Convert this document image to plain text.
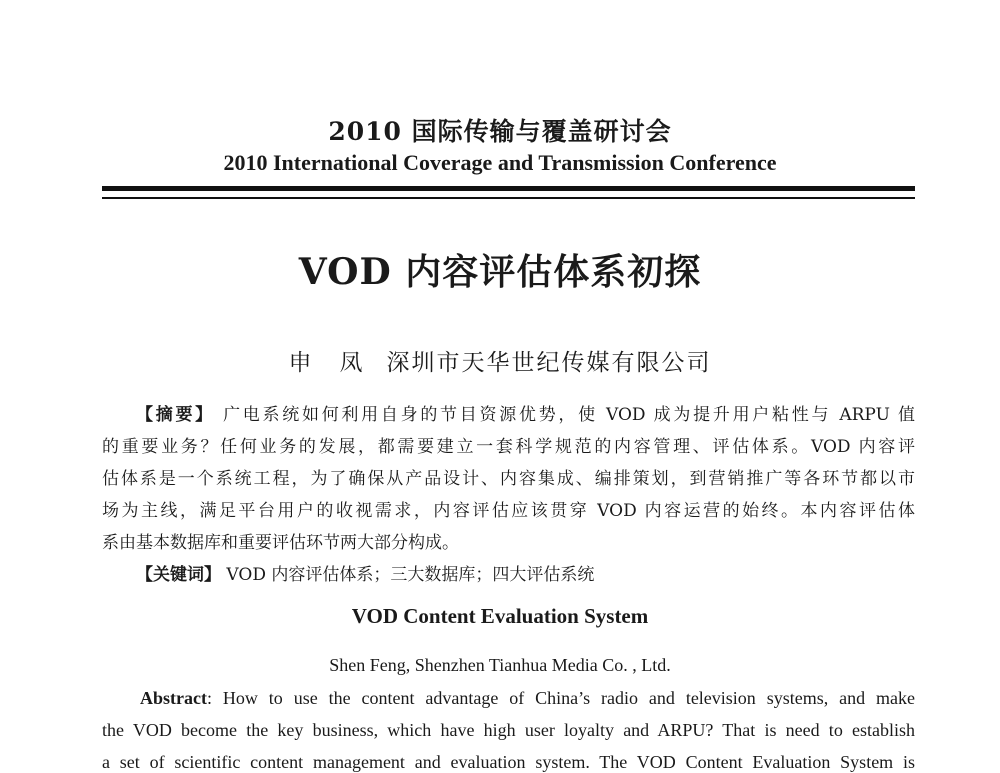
2010 国际传输与覆盖研讨会
2010 International Coverage and Transmission Conference
VOD 内容评估体系初探
申 凤 深圳市天华世纪传媒有限公司
【摘要】 广电系统如何利用自身的节目资源优势，使 VOD 成为提升用户粘性与 ARPU 值
的重要业务？任何业务的发展，都需要建立一套科学规范的内容管理、评估体系。VOD 内容评
估体系是一个系统工程，为了确保从产品设计、内容集成、编排策划，到营销推广等各环节都以市
场为主线，满足平台用户的收视需求，内容评估应该贯穿 VOD 内容运营的始终。本内容评估体
系由基本数据库和重要评估环节两大部分构成。
【关键词】 VOD 内容评估体系；三大数据库；四大评估系统
VOD Content Evaluation System
Shen Feng, Shenzhen Tianhua Media Co. , Ltd.
Abstract: How to use the content advantage of China’s radio and television systems, and make
the VOD become the key business, which have high user loyalty and ARPU? That is need to establish
a set of scientific content management and evaluation system. The VOD Content Evaluation System is
